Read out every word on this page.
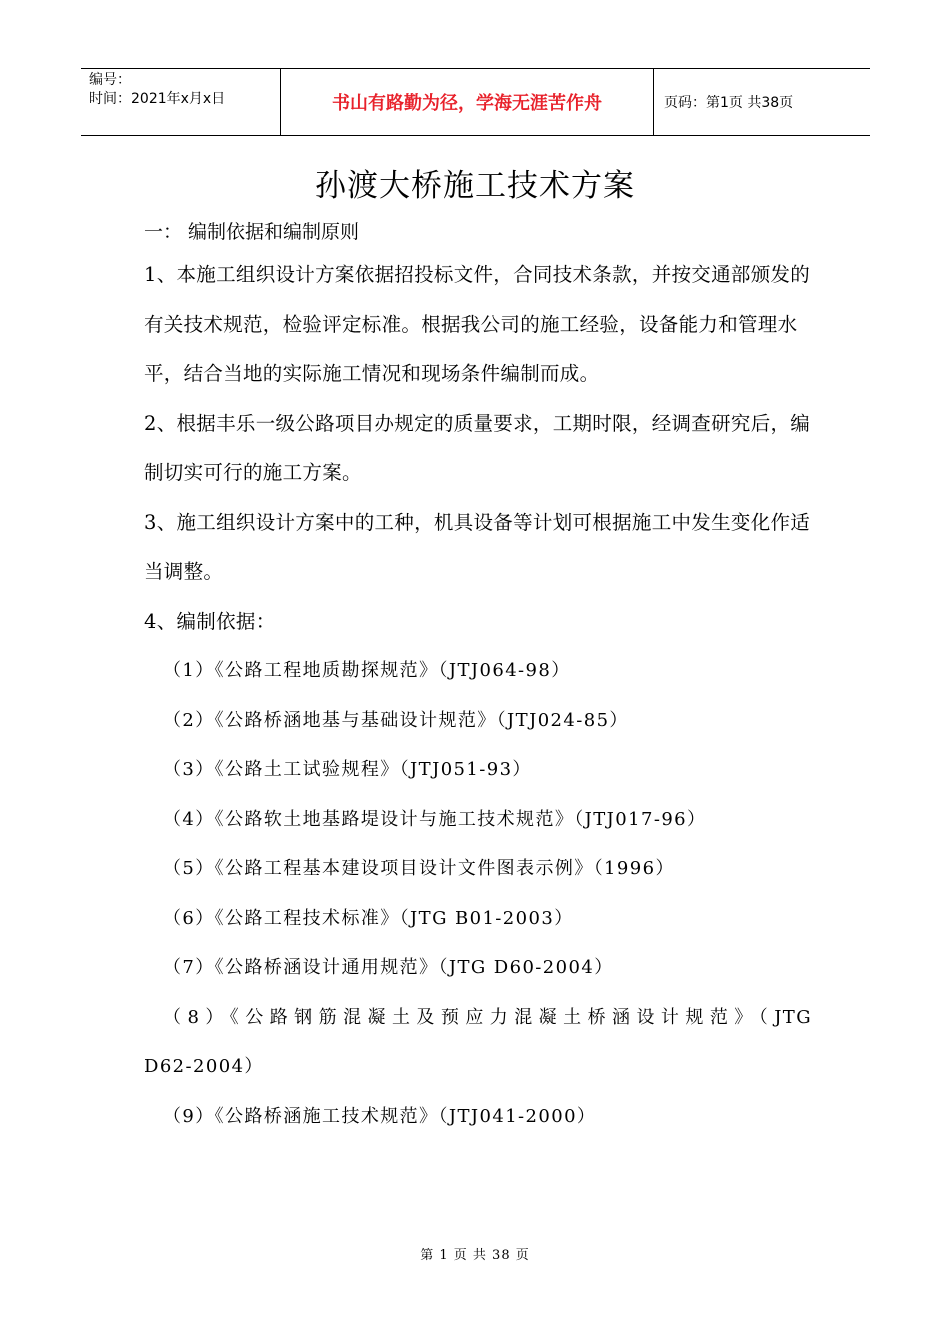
编号：
时间：2021年x月x日	书山有路勤为径，学海无涯苦作舟	页码：第1页 共38页
孙渡大桥施工技术方案
一： 编制依据和编制原则
1、本施工组织设计方案依据招投标文件，合同技术条款，并按交通部颁发的有关技术规范，检验评定标准。根据我公司的施工经验，设备能力和管理水平，结合当地的实际施工情况和现场条件编制而成。
2、根据丰乐一级公路项目办规定的质量要求，工期时限，经调查研究后，编制切实可行的施工方案。
3、施工组织设计方案中的工种，机具设备等计划可根据施工中发生变化作适当调整。
4、编制依据：
（1）《公路工程地质勘探规范》（JTJ064-98）
（2）《公路桥涵地基与基础设计规范》（JTJ024-85）
（3）《公路土工试验规程》（JTJ051-93）
（4）《公路软土地基路堤设计与施工技术规范》（JTJ017-96）
（5）《公路工程基本建设项目设计文件图表示例》（1996）
（6）《公路工程技术标准》（JTG B01-2003）
（7）《公路桥涵设计通用规范》（JTG D60-2004）
（8）《公路钢筋混凝土及预应力混凝土桥涵设计规范》（JTG
D62-2004）
（9）《公路桥涵施工技术规范》（JTJ041-2000）
第 1 页 共 38 页
